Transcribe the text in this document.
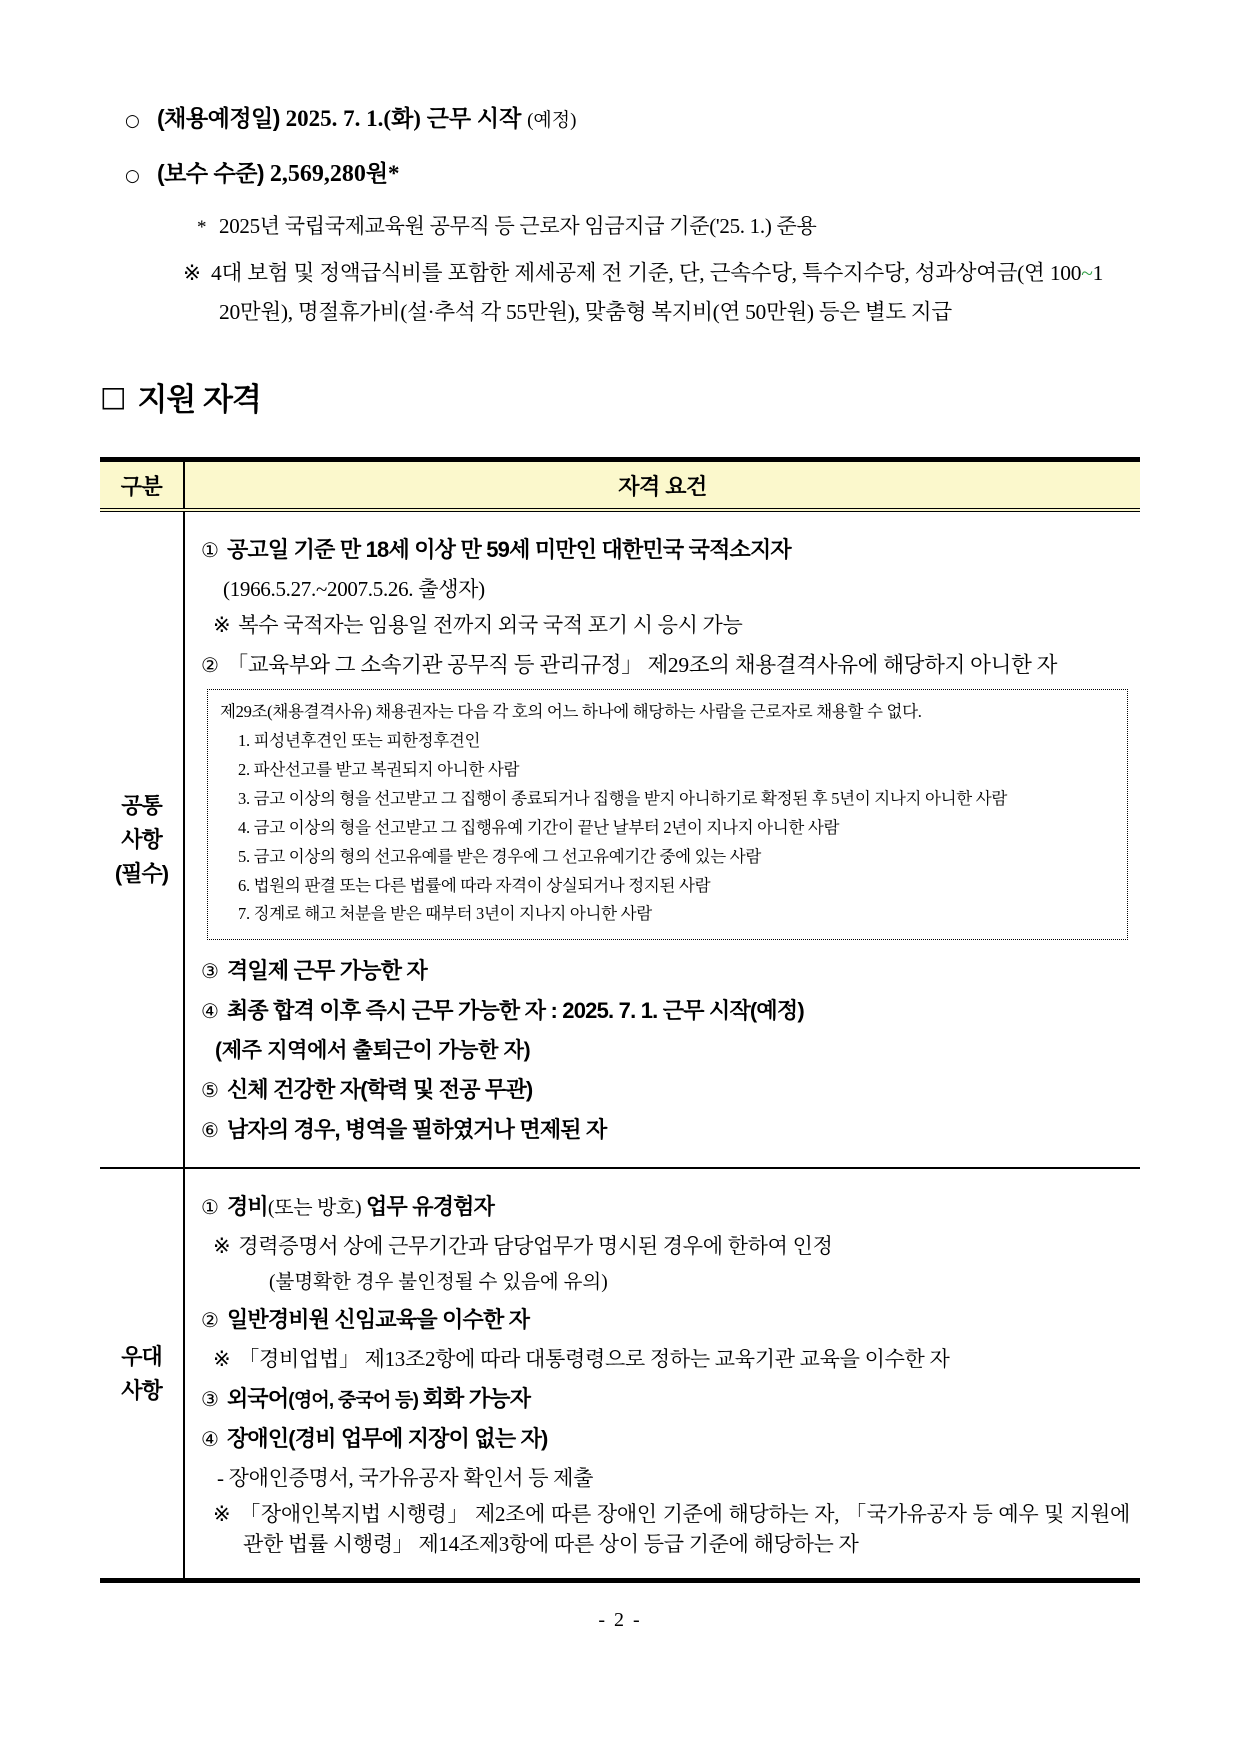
○ (채용예정일) 2025. 7. 1.(화) 근무 시작 (예정)
○ (보수 수준) 2,569,280원*
* 2025년 국립국제교육원 공무직 등 근로자 임금지급 기준('25. 1.) 준용
※ 4대 보험 및 정액급식비를 포함한 제세공제 전 기준, 단, 근속수당, 특수지수당, 성과상여금(연 100~120만원), 명절휴가비(설·추석 각 55만원), 맞춤형 복지비(연 50만원) 등은 별도 지급
□ 지원 자격
구분	자격 요건
공통
사항
(필수)
① 공고일 기준 만 18세 이상 만 59세 미만인 대한민국 국적소지자
(1966.5.27.~2007.5.26. 출생자)
※ 복수 국적자는 임용일 전까지 외국 국적 포기 시 응시 가능
② 「교육부와 그 소속기관 공무직 등 관리규정」 제29조의 채용결격사유에 해당하지 아니한 자
제29조(채용결격사유) 채용권자는 다음 각 호의 어느 하나에 해당하는 사람을 근로자로 채용할 수 없다.
1. 피성년후견인 또는 피한정후견인
2. 파산선고를 받고 복권되지 아니한 사람
3. 금고 이상의 형을 선고받고 그 집행이 종료되거나 집행을 받지 아니하기로 확정된 후 5년이 지나지 아니한 사람
4. 금고 이상의 형을 선고받고 그 집행유예 기간이 끝난 날부터 2년이 지나지 아니한 사람
5. 금고 이상의 형의 선고유예를 받은 경우에 그 선고유예기간 중에 있는 사람
6. 법원의 판결 또는 다른 법률에 따라 자격이 상실되거나 정지된 사람
7. 징계로 해고 처분을 받은 때부터 3년이 지나지 아니한 사람
③ 격일제 근무 가능한 자
④ 최종 합격 이후 즉시 근무 가능한 자 : 2025. 7. 1. 근무 시작(예정)
(제주 지역에서 출퇴근이 가능한 자)
⑤ 신체 건강한 자(학력 및 전공 무관)
⑥ 남자의 경우, 병역을 필하였거나 면제된 자
우대
사항
① 경비(또는 방호) 업무 유경험자
※ 경력증명서 상에 근무기간과 담당업무가 명시된 경우에 한하여 인정
(불명확한 경우 불인정될 수 있음에 유의)
② 일반경비원 신임교육을 이수한 자
※ 「경비업법」 제13조2항에 따라 대통령령으로 정하는 교육기관 교육을 이수한 자
③ 외국어(영어, 중국어 등) 회화 가능자
④ 장애인(경비 업무에 지장이 없는 자)
- 장애인증명서, 국가유공자 확인서 등 제출
※ 「장애인복지법 시행령」 제2조에 따른 장애인 기준에 해당하는 자, 「국가유공자 등 예우 및 지원에 관한 법률 시행령」 제14조제3항에 따른 상이 등급 기준에 해당하는 자
- 2 -
